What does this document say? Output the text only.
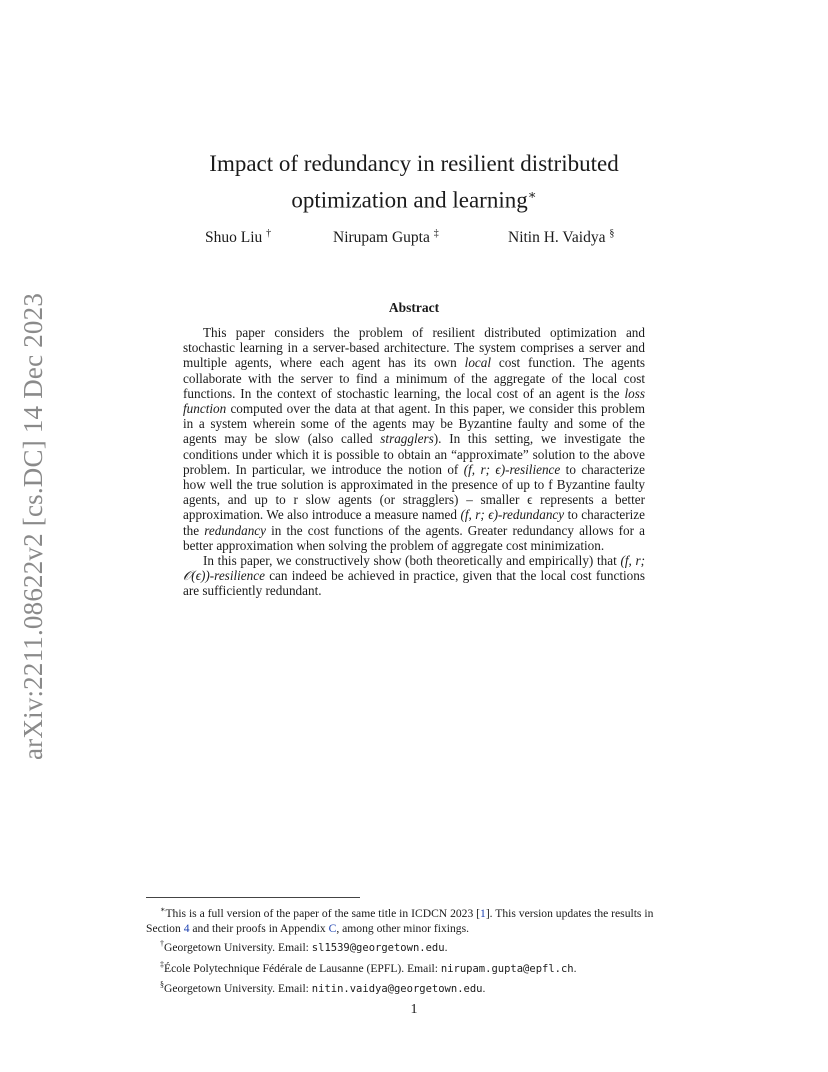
arXiv:2211.08622v2 [cs.DC] 14 Dec 2023
Impact of redundancy in resilient distributed
optimization and learning∗
Shuo Liu †	Nirupam Gupta ‡	Nitin H. Vaidya §
Abstract

This paper considers the problem of resilient distributed optimization and stochastic learning in a server-based architecture. The system comprises a server and multiple agents, where each agent has its own local cost function. The agents collaborate with the server to find a minimum of the aggregate of the local cost functions. In the context of stochastic learning, the local cost of an agent is the loss function computed over the data at that agent. In this paper, we consider this problem in a system wherein some of the agents may be Byzantine faulty and some of the agents may be slow (also called stragglers). In this setting, we investigate the conditions under which it is possible to obtain an “approximate” solution to the above problem. In particular, we introduce the notion of (f, r; ϵ)-resilience to characterize how well the true solution is approximated in the presence of up to f Byzantine faulty agents, and up to r slow agents (or stragglers) – smaller ϵ represents a better approximation. We also introduce a measure named (f, r; ϵ)-redundancy to characterize the redundancy in the cost functions of the agents. Greater redundancy allows for a better approximation when solving the problem of aggregate cost minimization.

In this paper, we constructively show (both theoretically and empirically) that (f, r; 𝒪(ϵ))-resilience can indeed be achieved in practice, given that the local cost functions are sufficiently redundant.

∗This is a full version of the paper of the same title in ICDCN 2023 [1]. This version updates the results in Section 4 and their proofs in Appendix C, among other minor fixings.

†Georgetown University. Email: sl1539@georgetown.edu.

‡École Polytechnique Fédérale de Lausanne (EPFL). Email: nirupam.gupta@epfl.ch.

§Georgetown University. Email: nitin.vaidya@georgetown.edu.

1
